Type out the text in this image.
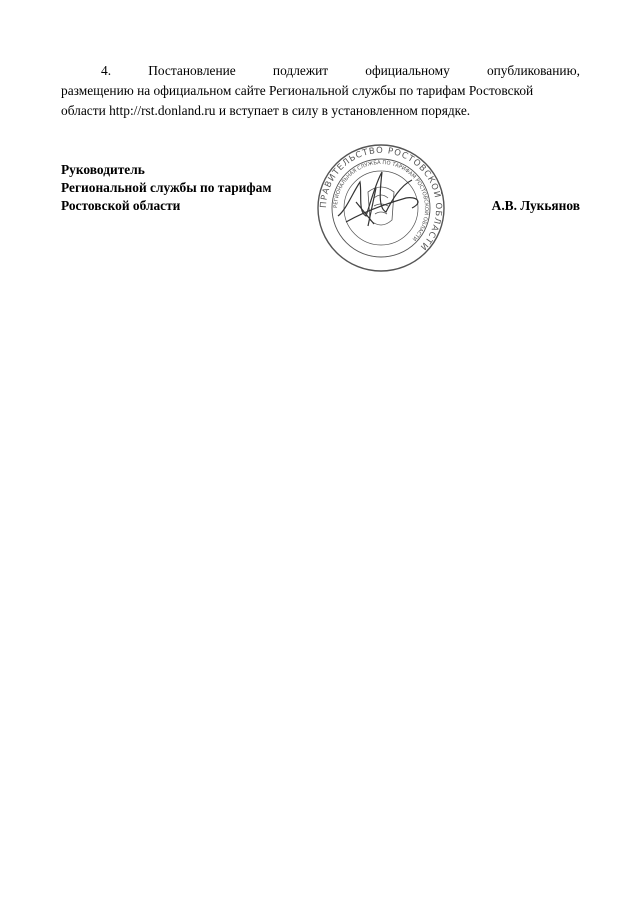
4.	Постановление	подлежит	официальному	опубликованию,
размещению на официальном сайте Региональной службы по тарифам Ростовской
области http://rst.donland.ru и вступает в силу в установленном порядке.
Руководитель
Региональной службы по тарифам
Ростовской области	ПРАВИТЕЛЬСТВО РОСТОВСКОЙ ОБЛАСТИ
РЕГИОНАЛЬНАЯ СЛУЖБА ПО ТАРИФАМ РОСТОВСКОЙ ОБЛАСТИ
А.В. Лукьянов
